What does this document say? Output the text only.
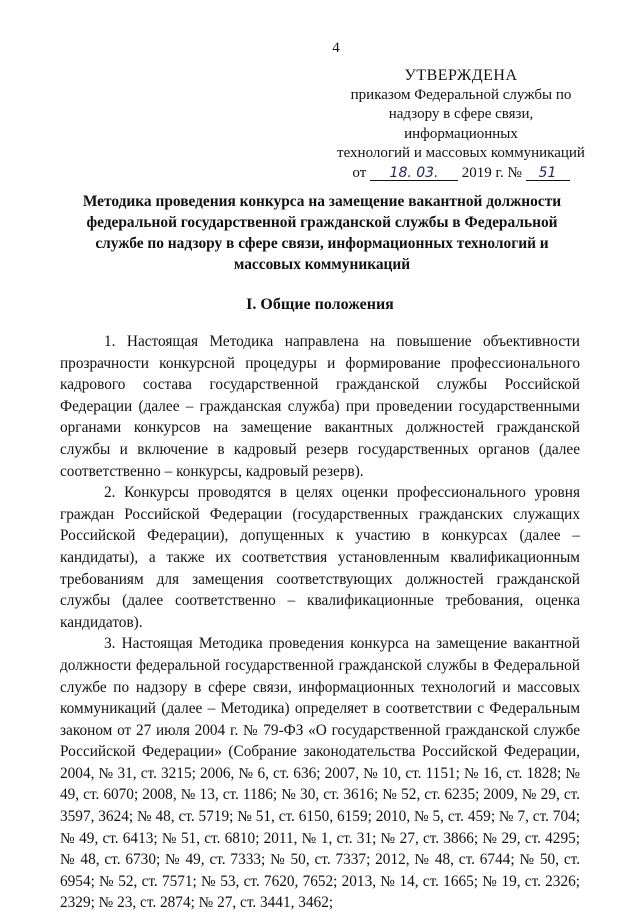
4
УТВЕРЖДЕНА
приказом Федеральной службы по
надзору в сфере связи, информационных
технологий и массовых коммуникаций
от 18. 03. 2019 г. № 51
Методика проведения конкурса на замещение вакантной должности федеральной государственной гражданской службы в Федеральной службе по надзору в сфере связи, информационных технологий и массовых коммуникаций
I. Общие положения

1. Настоящая Методика направлена на повышение объективности прозрачности конкурсной процедуры и формирование профессионального кадрового состава государственной гражданской службы Российской Федерации (далее – гражданская служба) при проведении государственными органами конкурсов на замещение вакантных должностей гражданской службы и включение в кадровый резерв государственных органов (далее соответственно – конкурсы, кадровый резерв).

2. Конкурсы проводятся в целях оценки профессионального уровня граждан Российской Федерации (государственных гражданских служащих Российской Федерации), допущенных к участию в конкурсах (далее – кандидаты), а также их соответствия установленным квалификационным требованиям для замещения соответствующих должностей гражданской службы (далее соответственно – квалификационные требования, оценка кандидатов).

3. Настоящая Методика проведения конкурса на замещение вакантной должности федеральной государственной гражданской службы в Федеральной службе по надзору в сфере связи, информационных технологий и массовых коммуникаций (далее – Методика) определяет в соответствии с Федеральным законом от 27 июля 2004 г. № 79-ФЗ «О государственной гражданской службе Российской Федерации» (Собрание законодательства Российской Федерации, 2004, № 31, ст. 3215; 2006, № 6, ст. 636; 2007, № 10, ст. 1151; № 16, ст. 1828; № 49, ст. 6070; 2008, № 13, ст. 1186; № 30, ст. 3616; № 52, ст. 6235; 2009, № 29, ст. 3597, 3624; № 48, ст. 5719; № 51, ст. 6150, 6159; 2010, № 5, ст. 459; № 7, ст. 704; № 49, ст. 6413; № 51, ст. 6810; 2011, № 1, ст. 31; № 27, ст. 3866; № 29, ст. 4295; № 48, ст. 6730; № 49, ст. 7333; № 50, ст. 7337; 2012, № 48, ст. 6744; № 50, ст. 6954; № 52, ст. 7571; № 53, ст. 7620, 7652; 2013, № 14, ст. 1665; № 19, ст. 2326; 2329; № 23, ст. 2874; № 27, ст. 3441, 3462;
